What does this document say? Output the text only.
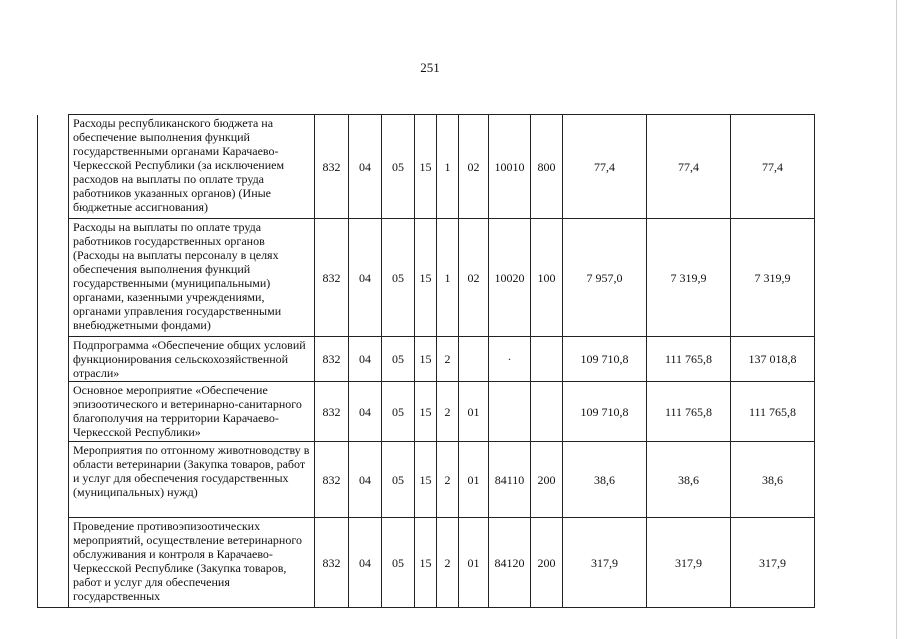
251
	Расходы республиканского бюджета на обеспечение выполнения функций государственными органами Карачаево-Черкесской Республики (за исключением расходов на выплаты по оплате труда работников указанных органов) (Иные бюджетные ассигнования)	832	04	05	15	1	02	10010	800	77,4	77,4	77,4
	Расходы на выплаты по оплате труда работников государственных органов (Расходы на выплаты персоналу в целях обеспечения выполнения функций государственными (муниципальными) органами, казенными учреждениями, органами управления государственными внебюджетными фондами)	832	04	05	15	1	02	10020	100	7 957,0	7 319,9	7 319,9
	Подпрограмма «Обеспечение общих условий функционирования сельскохозяйственной отрасли»	832	04	05	15	2		·		109 710,8	111 765,8	137 018,8
	Основное мероприятие «Обеспечение эпизоотического и ветеринарно-санитарного благополучия на территории Карачаево-Черкесской Республики»	832	04	05	15	2	01			109 710,8	111 765,8	111 765,8
	Мероприятия по отгонному животноводству в области ветеринарии (Закупка товаров, работ и услуг для обеспечения государственных (муниципальных) нужд)	832	04	05	15	2	01	84110	200	38,6	38,6	38,6
	Проведение противоэпизоотических мероприятий, осуществление ветеринарного обслуживания и контроля в Карачаево-Черкесской Республике (Закупка товаров, работ и услуг для обеспечения государственных	832	04	05	15	2	01	84120	200	317,9	317,9	317,9
